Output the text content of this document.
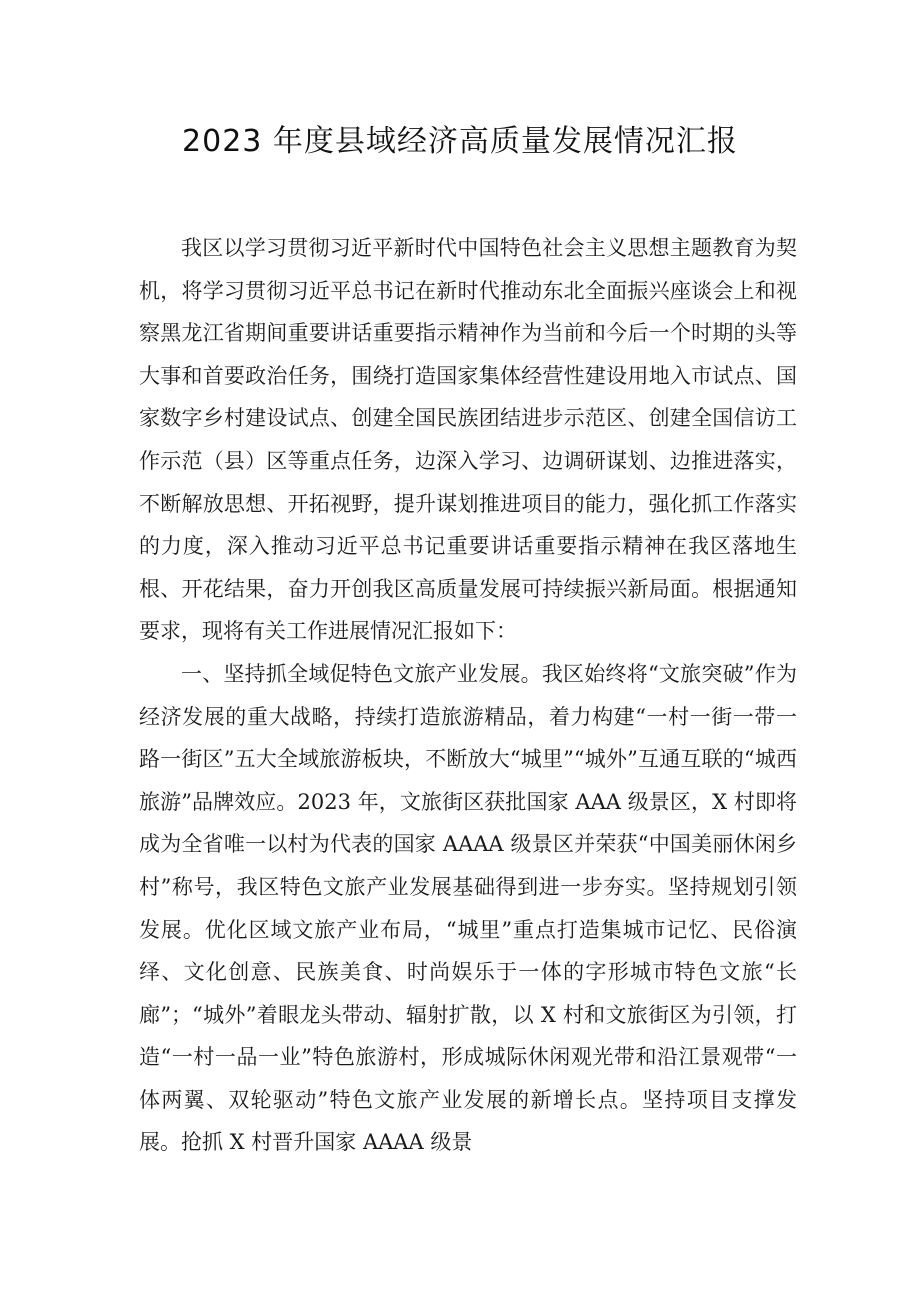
2023 年度县域经济高质量发展情况汇报

我区以学习贯彻习近平新时代中国特色社会主义思想主题教育为契机，将学习贯彻习近平总书记在新时代推动东北全面振兴座谈会上和视察黑龙江省期间重要讲话重要指示精神作为当前和今后一个时期的头等大事和首要政治任务，围绕打造国家集体经营性建设用地入市试点、国家数字乡村建设试点、创建全国民族团结进步示范区、创建全国信访工作示范（县）区等重点任务，边深入学习、边调研谋划、边推进落实，不断解放思想、开拓视野，提升谋划推进项目的能力，强化抓工作落实的力度，深入推动习近平总书记重要讲话重要指示精神在我区落地生根、开花结果，奋力开创我区高质量发展可持续振兴新局面。根据通知要求，现将有关工作进展情况汇报如下：

一、坚持抓全域促特色文旅产业发展。我区始终将“文旅突破”作为经济发展的重大战略，持续打造旅游精品，着力构建“一村一街一带一路一街区”五大全域旅游板块，不断放大“城里”“城外”互通互联的“城西旅游”品牌效应。2023 年，文旅街区获批国家 AAA 级景区，X 村即将成为全省唯一以村为代表的国家 AAAA 级景区并荣获“中国美丽休闲乡村”称号，我区特色文旅产业发展基础得到进一步夯实。坚持规划引领发展。优化区域文旅产业布局，“城里”重点打造集城市记忆、民俗演绎、文化创意、民族美食、时尚娱乐于一体的字形城市特色文旅“长廊”；“城外”着眼龙头带动、辐射扩散，以 X 村和文旅街区为引领，打造“一村一品一业”特色旅游村，形成城际休闲观光带和沿江景观带“一体两翼、双轮驱动”特色文旅产业发展的新增长点。坚持项目支撑发展。抢抓 X 村晋升国家 AAAA 级景
